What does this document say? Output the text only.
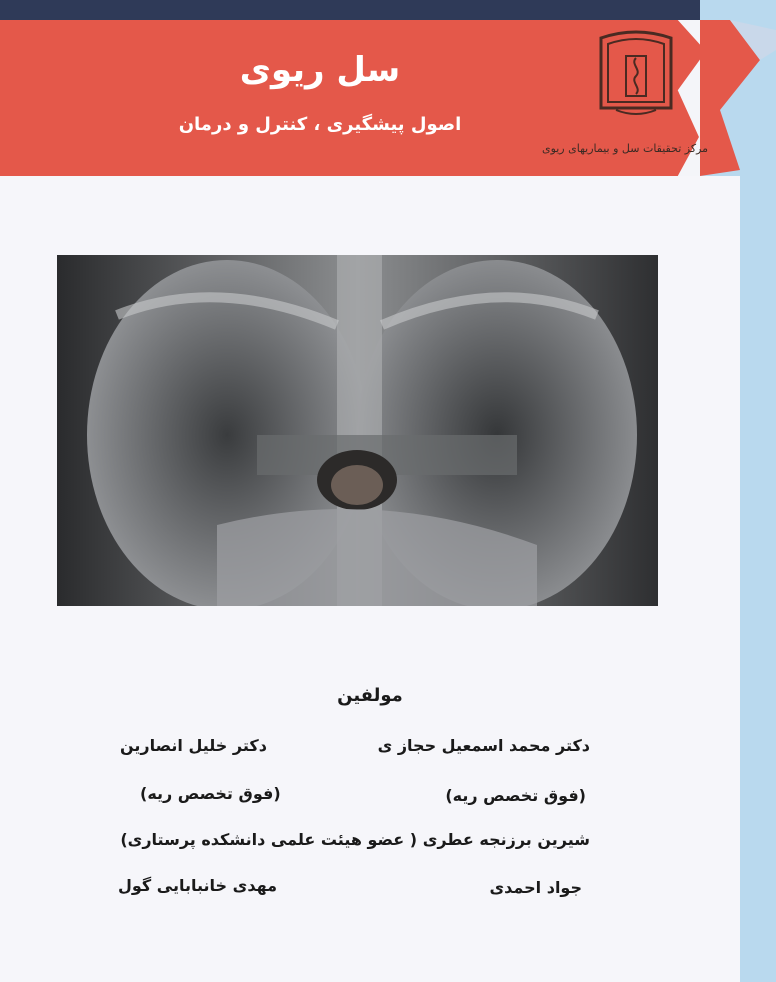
سل ریوی
اصول پیشگیری ، کنترل و درمان
مرکز تحقیقات سل و بیماریهای ریوی
مولفین
دکتر محمد اسمعیل حجاز ی
دکتر خلیل انصارین
(فوق تخصص ریه)
(فوق تخصص ریه)
شیرین برزنجه عطری ( عضو هیئت علمی دانشکده پرستاری)
جواد احمدی
مهدی خانبابایی گول
